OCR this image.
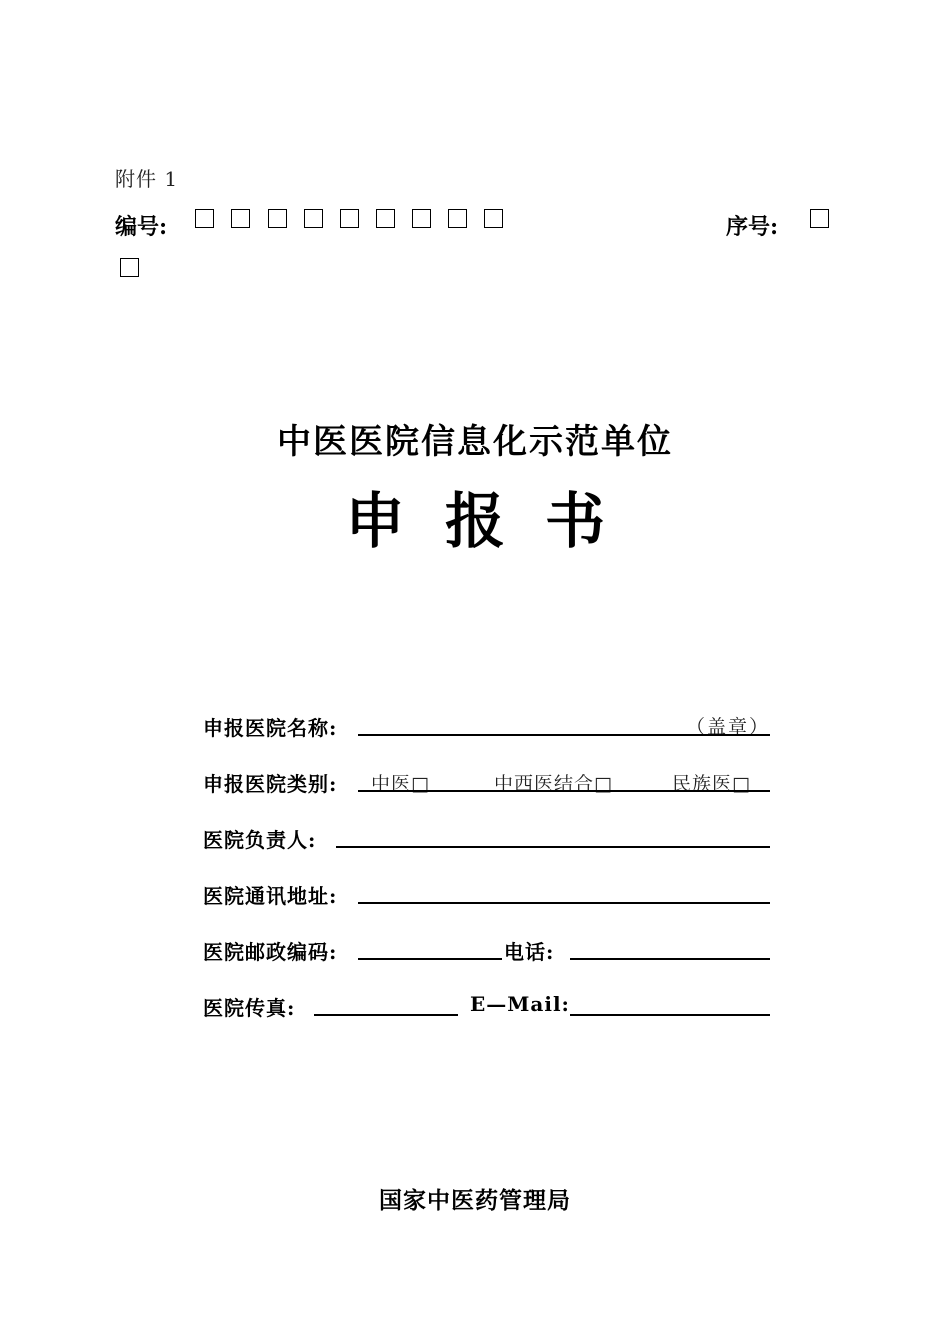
附件 1
编号:	序号:
中医医院信息化示范单位
申报书
申报医院名称:	（盖章）
申报医院类别: 中医□	中西医结合□	民族医□
医院负责人:
医院通讯地址:
医院邮政编码:	电话:
医院传真:	E—Mail:
国家中医药管理局
